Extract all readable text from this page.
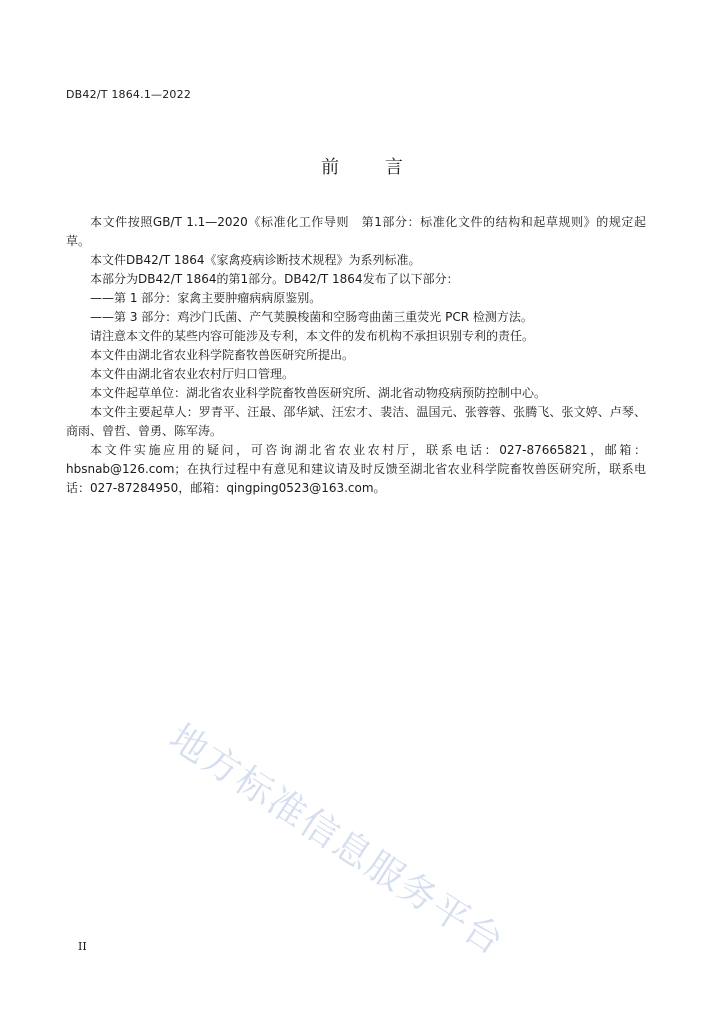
DB42/T 1864.1—2022
前 言

本文件按照GB/T 1.1—2020《标准化工作导则　第1部分：标准化文件的结构和起草规则》的规定起草。

本文件DB42/T 1864《家禽疫病诊断技术规程》为系列标准。

本部分为DB42/T 1864的第1部分。DB42/T 1864发布了以下部分：

——第 1 部分：家禽主要肿瘤病病原鉴别。

——第 3 部分：鸡沙门氏菌、产气荚膜梭菌和空肠弯曲菌三重荧光 PCR 检测方法。

请注意本文件的某些内容可能涉及专利，本文件的发布机构不承担识别专利的责任。

本文件由湖北省农业科学院畜牧兽医研究所提出。

本文件由湖北省农业农村厅归口管理。

本文件起草单位：湖北省农业科学院畜牧兽医研究所、湖北省动物疫病预防控制中心。

本文件主要起草人：罗青平、汪最、邵华斌、汪宏才、裴洁、温国元、张蓉蓉、张腾飞、张文婷、卢琴、商雨、曾哲、曾勇、陈军涛。

本文件实施应用的疑问，可咨询湖北省农业农村厅，联系电话：027-87665821，邮箱：hbsnab@126.com；在执行过程中有意见和建议请及时反馈至湖北省农业科学院畜牧兽医研究所，联系电话：027-87284950，邮箱：qingping0523@163.com。

地方标准信息服务平台
II
